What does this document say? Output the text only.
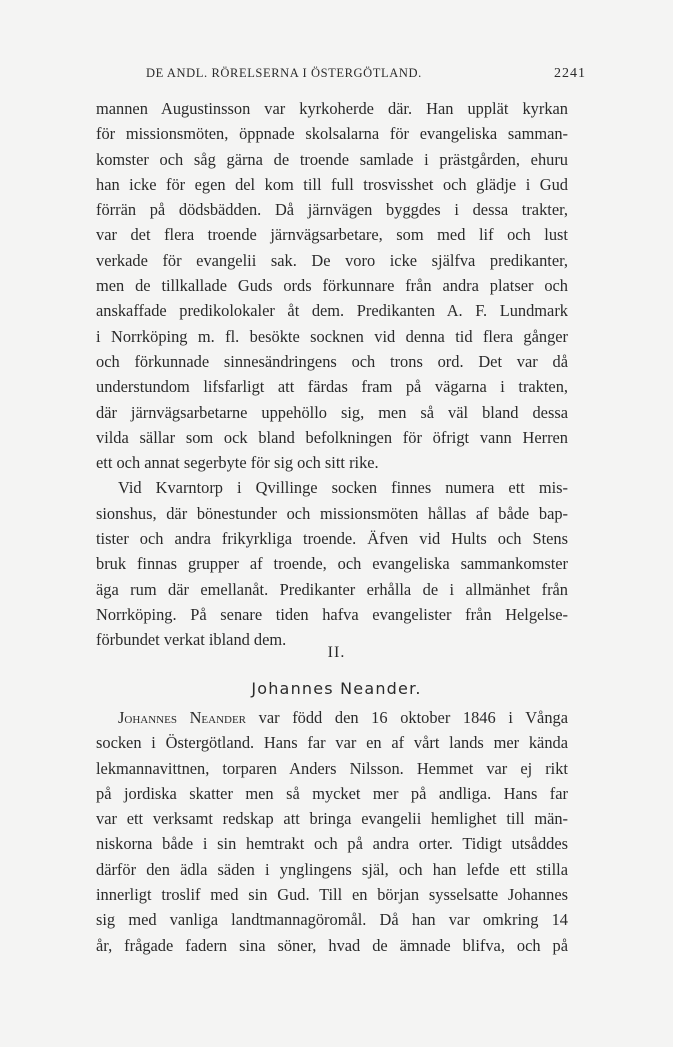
DE ANDL. RÖRELSERNA I ÖSTERGÖTLAND.	2241
mannen Augustinsson var kyrkoherde där. Han upplät kyrkan
för missionsmöten, öppnade skolsalarna för evangeliska samman-
komster och såg gärna de troende samlade i prästgården, ehuru
han icke för egen del kom till full trosvisshet och glädje i Gud
förrän på dödsbädden. Då järnvägen byggdes i dessa trakter,
var det flera troende järnvägsarbetare, som med lif och lust
verkade för evangelii sak. De voro icke själfva predikanter,
men de tillkallade Guds ords förkunnare från andra platser och
anskaffade predikolokaler åt dem. Predikanten A. F. Lundmark
i Norrköping m. fl. besökte socknen vid denna tid flera gånger
och förkunnade sinnesändringens och trons ord. Det var då
understundom lifsfarligt att färdas fram på vägarna i trakten,
där järnvägsarbetarne uppehöllo sig, men så väl bland dessa
vilda sällar som ock bland befolkningen för öfrigt vann Herren
ett och annat segerbyte för sig och sitt rike.
Vid Kvarntorp i Qvillinge socken finnes numera ett mis-
sionshus, där bönestunder och missionsmöten hållas af både bap-
tister och andra frikyrkliga troende. Äfven vid Hults och Stens
bruk finnas grupper af troende, och evangeliska sammankomster
äga rum där emellanåt. Predikanter erhålla de i allmänhet från
Norrköping. På senare tiden hafva evangelister från Helgelse-
förbundet verkat ibland dem.
II.
Johannes Neander.
Johannes Neander var född den 16 oktober 1846 i Vånga
socken i Östergötland. Hans far var en af vårt lands mer kända
lekmannavittnen, torparen Anders Nilsson. Hemmet var ej rikt
på jordiska skatter men så mycket mer på andliga. Hans far
var ett verksamt redskap att bringa evangelii hemlighet till män-
niskorna både i sin hemtrakt och på andra orter. Tidigt utsåddes
därför den ädla säden i ynglingens själ, och han lefde ett stilla
innerligt troslif med sin Gud. Till en början sysselsatte Johannes
sig med vanliga landtmannagöromål. Då han var omkring 14
år, frågade fadern sina söner, hvad de ämnade blifva, och på
